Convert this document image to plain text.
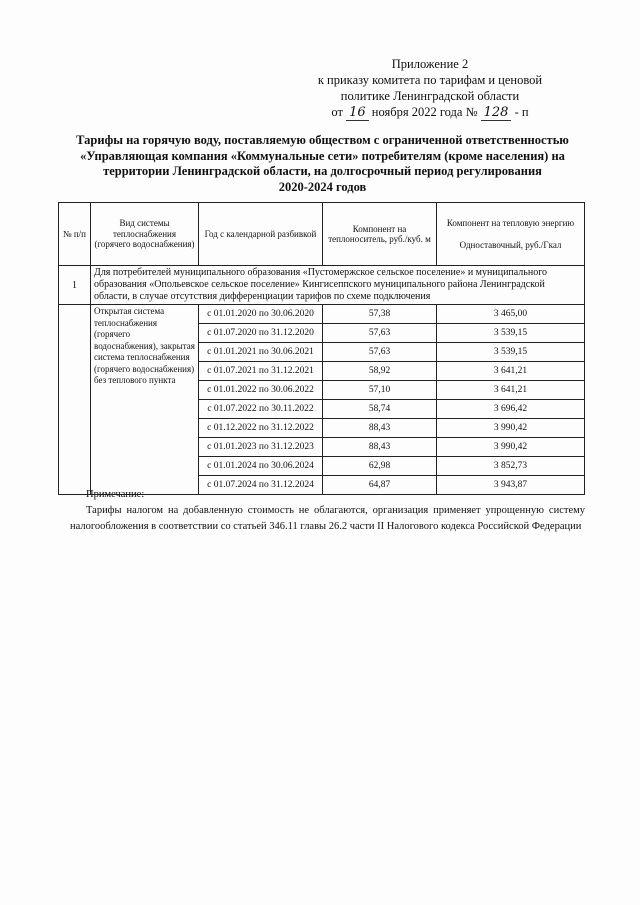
Приложение 2
к приказу комитета по тарифам и ценовой
политике Ленинградской области
от 16 ноября 2022 года № 128 - п
Тарифы на горячую воду, поставляемую обществом с ограниченной ответственностью
«Управляющая компания «Коммунальные сети» потребителям (кроме населения) на
территории Ленинградской области, на долгосрочный период регулирования
2020-2024 годов
№ п/п	Вид системы теплоснабжения (горячего водоснабжения)	Год с календарной разбивкой	Компонент на теплоноситель, руб./куб. м	Компонент на тепловую энергию
Одноставочный, руб./Гкал

1	Для потребителей муниципального образования «Пустомержское сельское поселение» и муниципального образования «Опольевское сельское поселение» Кингисеппского муниципального района Ленинградской области, в случае отсутствия дифференциации тарифов по схеме подключения			
	Открытая система теплоснабжения (горячего водоснабжения), закрытая система теплоснабжения (горячего водоснабжения) без теплового пункта	с 01.01.2020 по 30.06.2020	57,38	3 465,00
		с 01.07.2020 по 31.12.2020	57,63	3 539,15
		с 01.01.2021 по 30.06.2021	57,63	3 539,15
		с 01.07.2021 по 31.12.2021	58,92	3 641,21
		с 01.01.2022 по 30.06.2022	57,10	3 641,21
		с 01.07.2022 по 30.11.2022	58,74	3 696,42
		с 01.12.2022 по 31.12.2022	88,43	3 990,42
		с 01.01.2023 по 31.12.2023	88,43	3 990,42
		с 01.01.2024 по 30.06.2024	62,98	3 852,73
		с 01.07.2024 по 31.12.2024	64,87	3 943,87
Примечание:
Тарифы налогом на добавленную стоимость не облагаются, организация применяет упрощенную систему налогообложения в соответствии со статьей 346.11 главы 26.2 части II Налогового кодекса Российской Федерации
